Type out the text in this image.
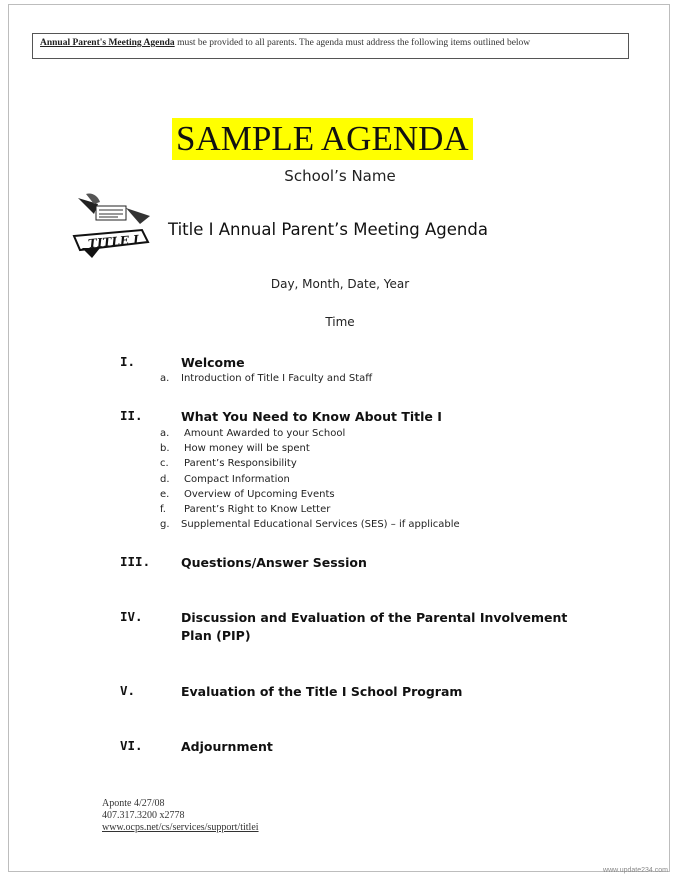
Annual Parent's Meeting Agenda must be provided to all parents. The agenda must address the following items outlined below
SAMPLE AGENDA
School’s Name
TITLE I
Title I Annual Parent’s Meeting Agenda
Day, Month, Date, Year
Time
I.	Welcome
a.	Introduction of Title I Faculty and Staff
II.	What You Need to Know About Title I
a.	Amount Awarded to your School
b.	How money will be spent
c.	Parent’s Responsibility
d.	Compact Information
e.	Overview of Upcoming Events
f.	Parent’s Right to Know Letter
g.	Supplemental Educational Services (SES) – if applicable
III. Questions/Answer Session
IV.	Discussion and Evaluation of the Parental Involvement Plan (PIP)
V.	Evaluation of the Title I School Program
VI.	Adjournment
Aponte 4/27/08
407.317.3200 x2778
www.ocps.net/cs/services/support/titlei
www.update234.com
